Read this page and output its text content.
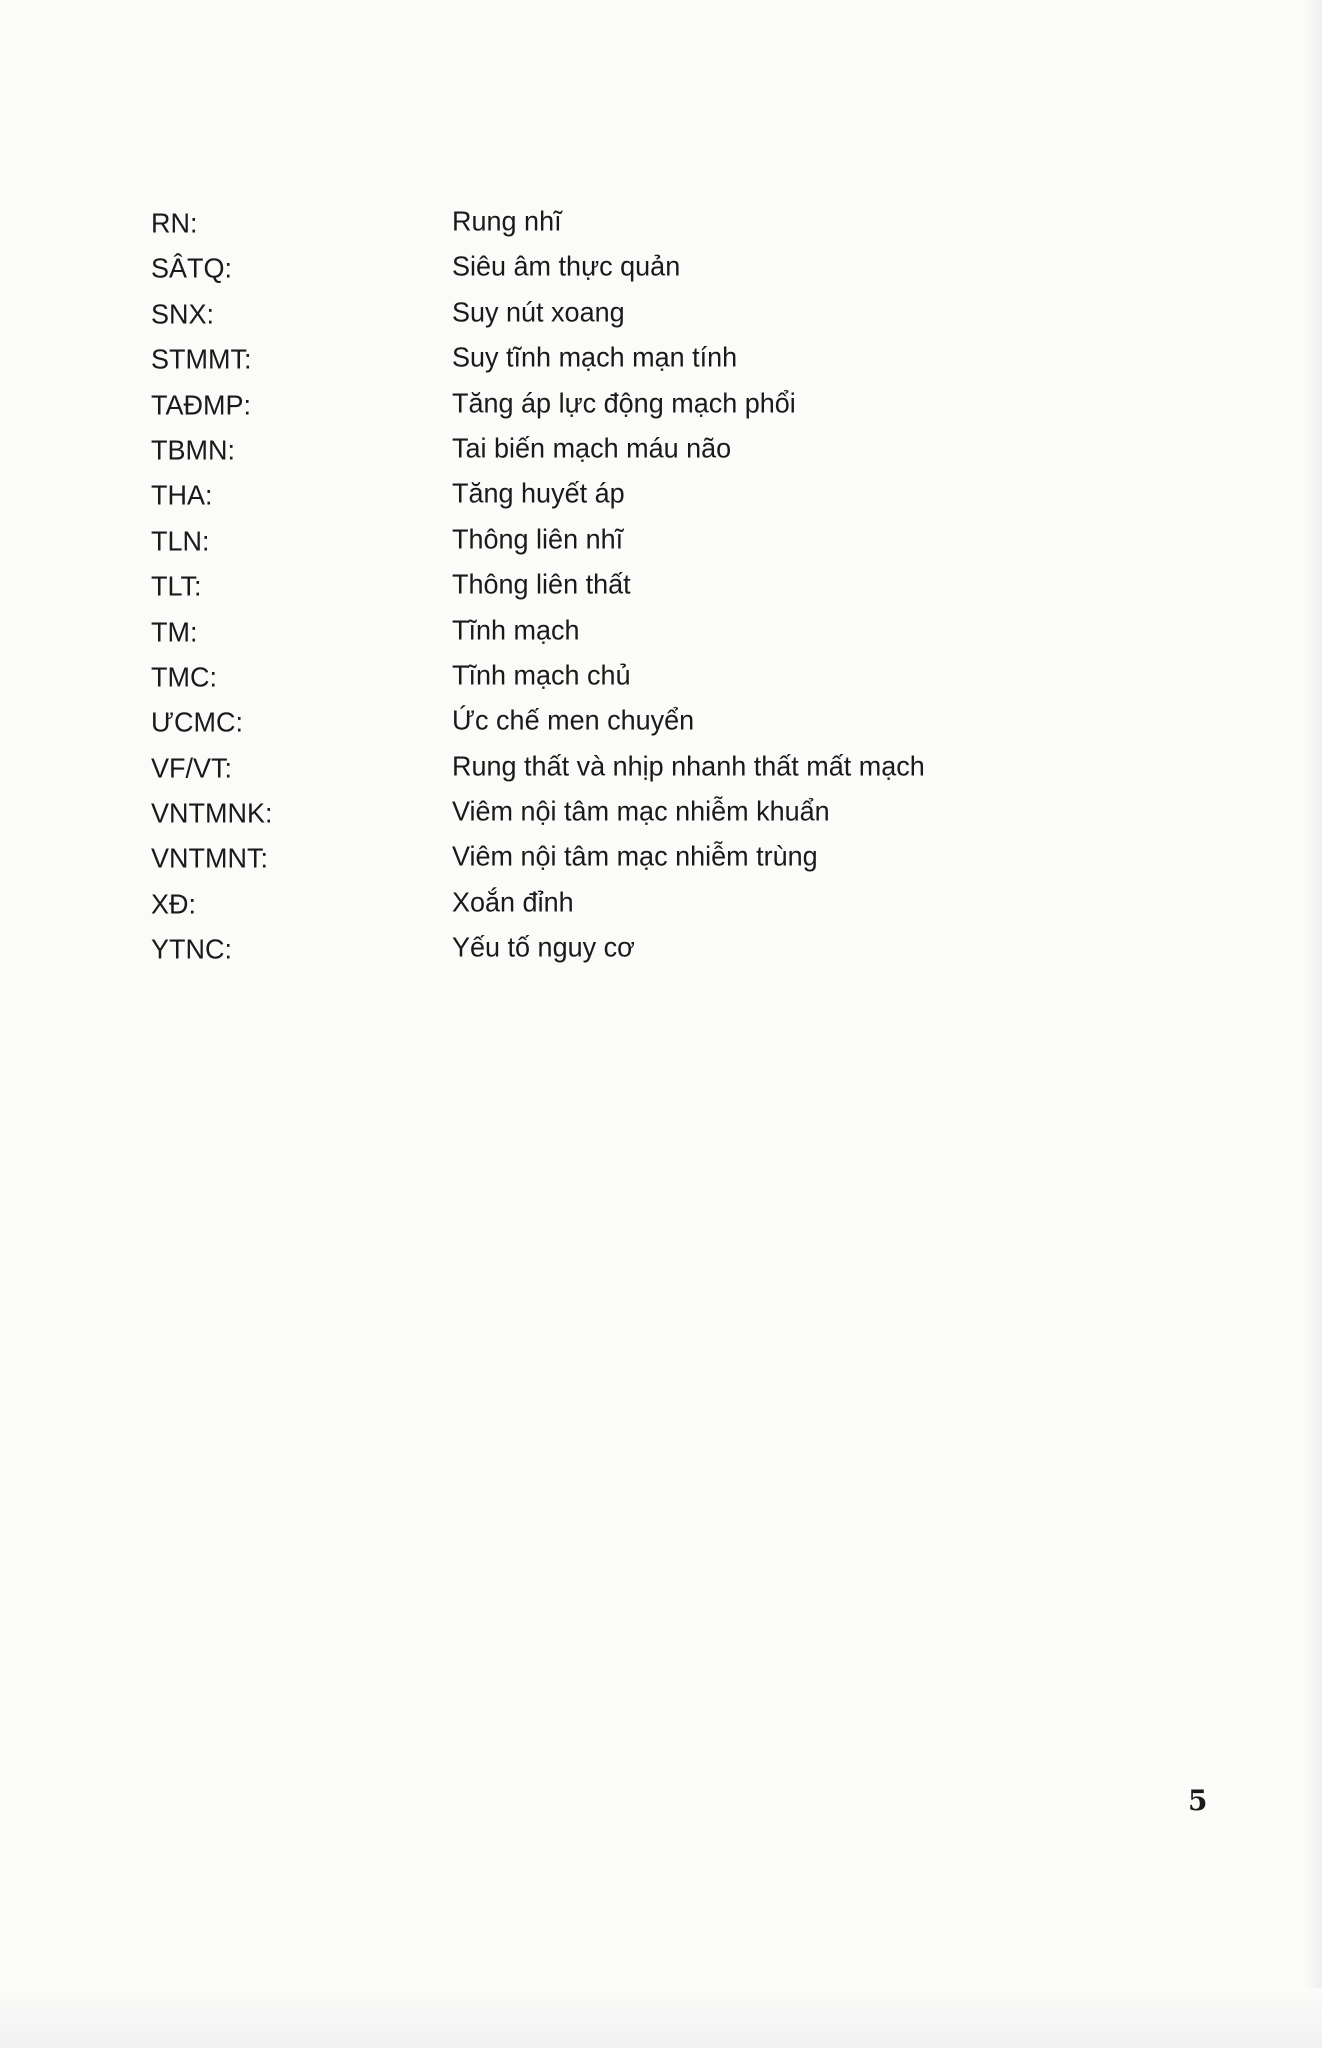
RN:	Rung nhĩ
SÂTQ:	Siêu âm thực quản
SNX:	Suy nút xoang
STMMT:	Suy tĩnh mạch mạn tính
TAĐMP:	Tăng áp lực động mạch phổi
TBMN:	Tai biến mạch máu não
THA:	Tăng huyết áp
TLN:	Thông liên nhĩ
TLT:	Thông liên thất
TM:	Tĩnh mạch
TMC:	Tĩnh mạch chủ
ƯCMC:	Ức chế men chuyển
VF/VT:	Rung thất và nhịp nhanh thất mất mạch
VNTMNK:	Viêm nội tâm mạc nhiễm khuẩn
VNTMNT:	Viêm nội tâm mạc nhiễm trùng
XĐ:	Xoắn đỉnh
YTNC:	Yếu tố nguy cơ
5
